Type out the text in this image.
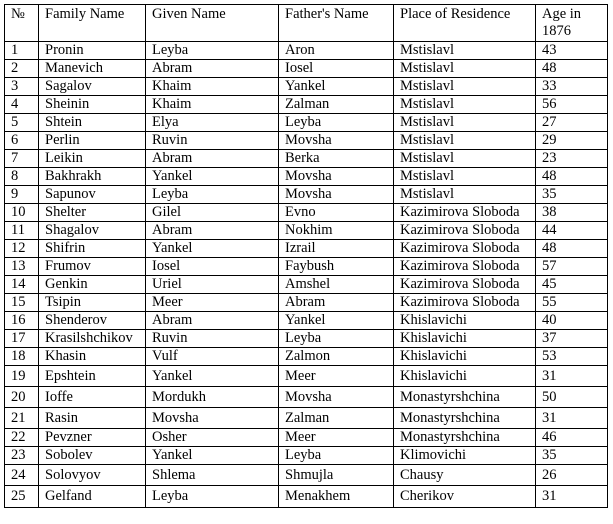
№	Family Name	Given Name	Father's Name	Place of Residence	Age in 1876
1	Pronin	Leyba	Aron	Mstislavl	43
2	Manevich	Abram	Iosel	Mstislavl	48
3	Sagalov	Khaim	Yankel	Mstislavl	33
4	Sheinin	Khaim	Zalman	Mstislavl	56
5	Shtein	Elya	Leyba	Mstislavl	27
6	Perlin	Ruvin	Movsha	Mstislavl	29
7	Leikin	Abram	Berka	Mstislavl	23
8	Bakhrakh	Yankel	Movsha	Mstislavl	48
9	Sapunov	Leyba	Movsha	Mstislavl	35
10	Shelter	Gilel	Evno	Kazimirova Sloboda	38
11	Shagalov	Abram	Nokhim	Kazimirova Sloboda	44
12	Shifrin	Yankel	Izrail	Kazimirova Sloboda	48
13	Frumov	Iosel	Faybush	Kazimirova Sloboda	57
14	Genkin	Uriel	Amshel	Kazimirova Sloboda	45
15	Tsipin	Meer	Abram	Kazimirova Sloboda	55
16	Shenderov	Abram	Yankel	Khislavichi	40
17	Krasilshchikov	Ruvin	Leyba	Khislavichi	37
18	Khasin	Vulf	Zalmon	Khislavichi	53
19	Epshtein	Yankel	Meer	Khislavichi	31
20	Ioffe	Mordukh	Movsha	Monastyrshchina	50
21	Rasin	Movsha	Zalman	Monastyrshchina	31
22	Pevzner	Osher	Meer	Monastyrshchina	46
23	Sobolev	Yankel	Leyba	Klimovichi	35
24	Solovyov	Shlema	Shmujla	Chausy	26
25	Gelfand	Leyba	Menakhem	Cherikov	31
